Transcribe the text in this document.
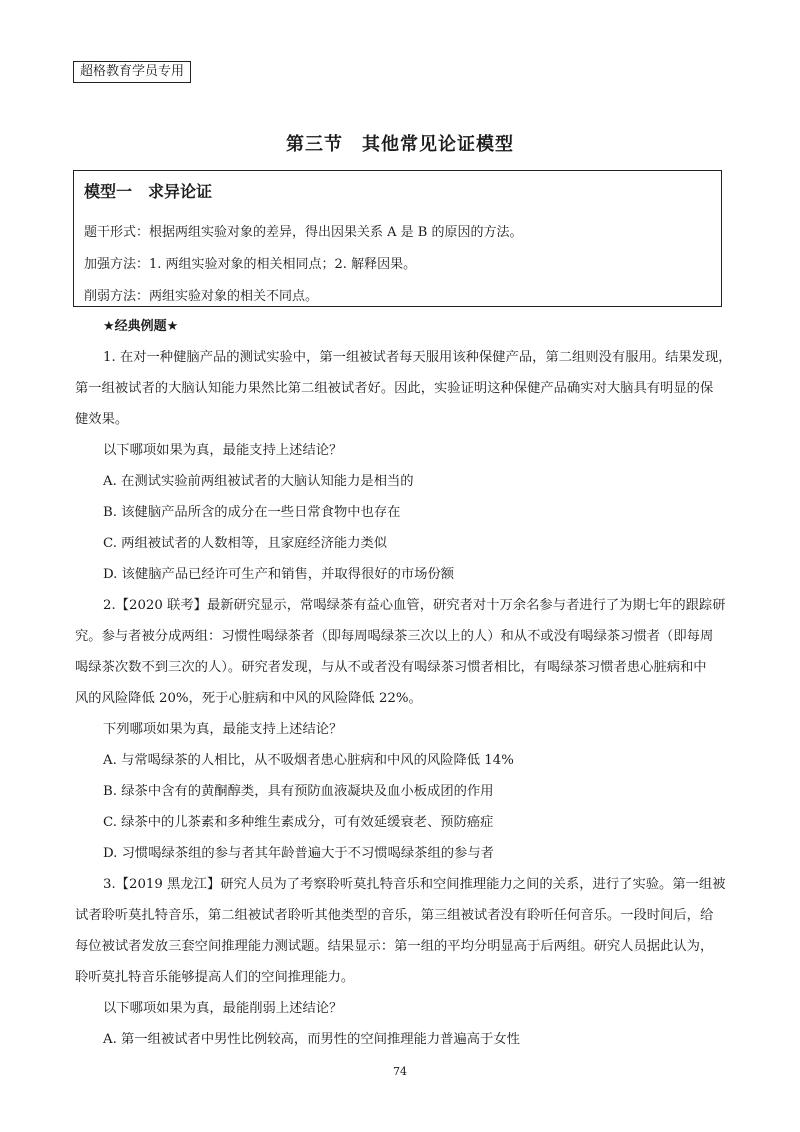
超格教育学员专用
第三节　其他常见论证模型
模型一　求异论证
题干形式：根据两组实验对象的差异，得出因果关系 A 是 B 的原因的方法。
加强方法：1. 两组实验对象的相关相同点；2. 解释因果。
削弱方法：两组实验对象的相关不同点。
★经典例题★
1. 在对一种健脑产品的测试实验中，第一组被试者每天服用该种保健产品，第二组则没有服用。结果发现，
第一组被试者的大脑认知能力果然比第二组被试者好。因此，实验证明这种保健产品确实对大脑具有明显的保
健效果。
以下哪项如果为真，最能支持上述结论？
A. 在测试实验前两组被试者的大脑认知能力是相当的
B. 该健脑产品所含的成分在一些日常食物中也存在
C. 两组被试者的人数相等，且家庭经济能力类似
D. 该健脑产品已经许可生产和销售，并取得很好的市场份额
2.【2020 联考】最新研究显示，常喝绿茶有益心血管，研究者对十万余名参与者进行了为期七年的跟踪研
究。参与者被分成两组：习惯性喝绿茶者（即每周喝绿茶三次以上的人）和从不或没有喝绿茶习惯者（即每周
喝绿茶次数不到三次的人）。研究者发现，与从不或者没有喝绿茶习惯者相比，有喝绿茶习惯者患心脏病和中
风的风险降低 20%，死于心脏病和中风的风险降低 22%。
下列哪项如果为真，最能支持上述结论？
A. 与常喝绿茶的人相比，从不吸烟者患心脏病和中风的风险降低 14%
B. 绿茶中含有的黄酮醇类，具有预防血液凝块及血小板成团的作用
C. 绿茶中的儿茶素和多种维生素成分，可有效延缓衰老、预防癌症
D. 习惯喝绿茶组的参与者其年龄普遍大于不习惯喝绿茶组的参与者
3.【2019 黑龙江】研究人员为了考察聆听莫扎特音乐和空间推理能力之间的关系，进行了实验。第一组被
试者聆听莫扎特音乐，第二组被试者聆听其他类型的音乐，第三组被试者没有聆听任何音乐。一段时间后，给
每位被试者发放三套空间推理能力测试题。结果显示：第一组的平均分明显高于后两组。研究人员据此认为，
聆听莫扎特音乐能够提高人们的空间推理能力。
以下哪项如果为真，最能削弱上述结论？
A. 第一组被试者中男性比例较高，而男性的空间推理能力普遍高于女性
74
